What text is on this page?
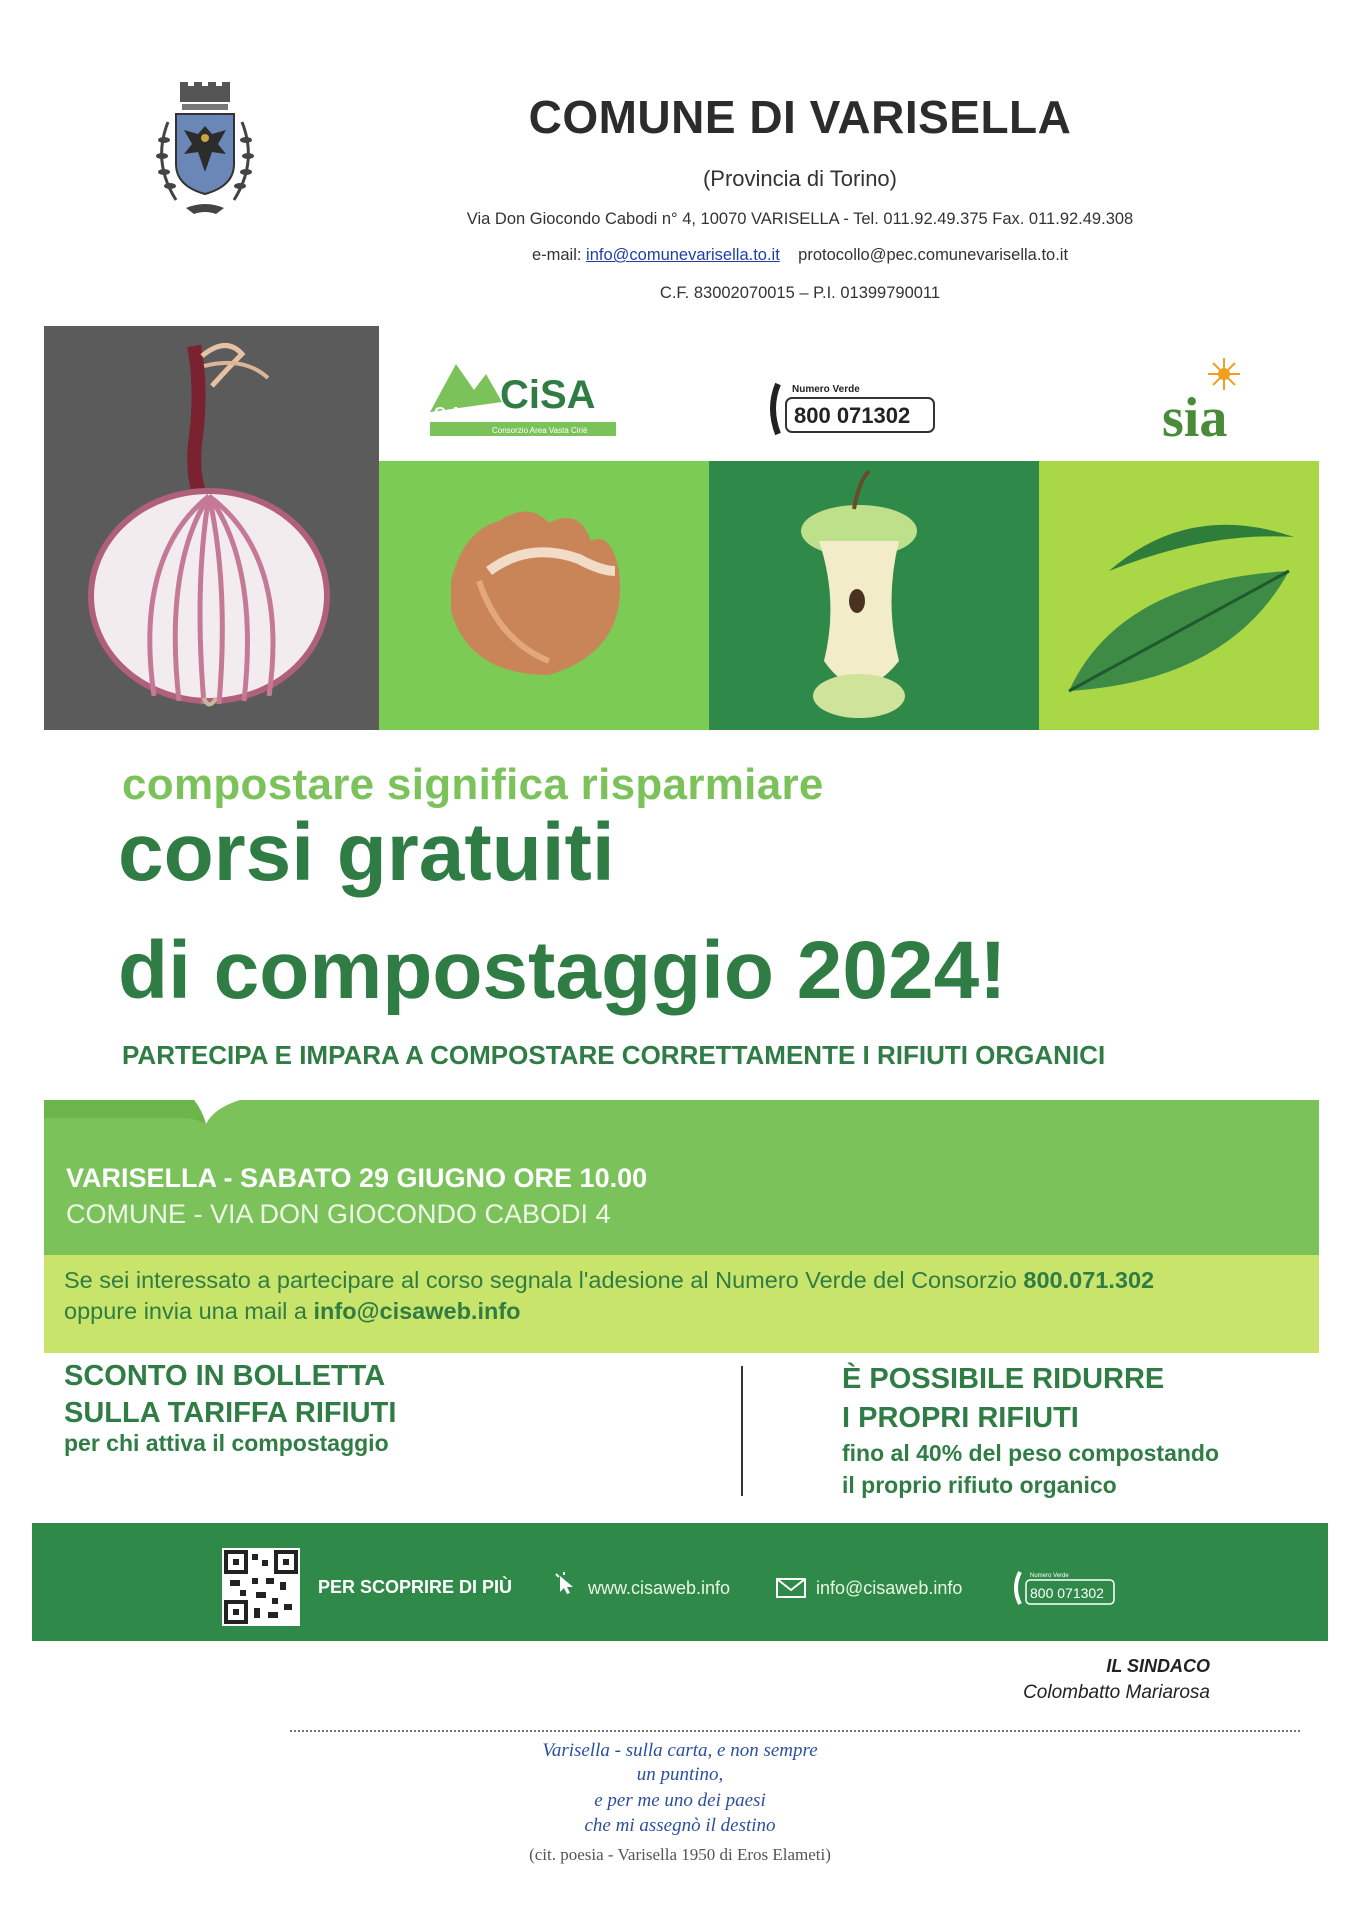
COMUNE DI VARISELLA
(Provincia di Torino)
Via Don Giocondo Cabodi n° 4, 10070 VARISELLA - Tel. 011.92.49.375 Fax. 011.92.49.308
e-mail: info@comunevarisella.to.it protocollo@pec.comunevarisella.to.it
C.F. 83002070015 – P.I. 01399790011
C.A.V. CiSA
Consorzio Area Vasta Cirié
Numero Verde
800 071302	sia
compostare significa risparmiare
corsi gratuiti
di compostaggio 2024!
PARTECIPA E IMPARA A COMPOSTARE CORRETTAMENTE I RIFIUTI ORGANICI
VARISELLA - SABATO 29 GIUGNO ORE 10.00
COMUNE - VIA DON GIOCONDO CABODI 4
Se sei interessato a partecipare al corso segnala l'adesione al Numero Verde del Consorzio 800.071.302
oppure invia una mail a info@cisaweb.info
SCONTO IN BOLLETTA
SULLA TARIFFA RIFIUTI
per chi attiva il compostaggio
È POSSIBILE RIDURRE
I PROPRI RIFIUTI
fino al 40% del peso compostando
il proprio rifiuto organico
PER SCOPRIRE DI PIÙ	www.cisaweb.info	info@cisaweb.info
Numero Verde
800 071302
IL SINDACO
Colombatto Mariarosa
Varisella - sulla carta, e non sempre
un puntino,
e per me uno dei paesi
che mi assegnò il destino
(cit. poesia - Varisella 1950 di Eros Elameti)
